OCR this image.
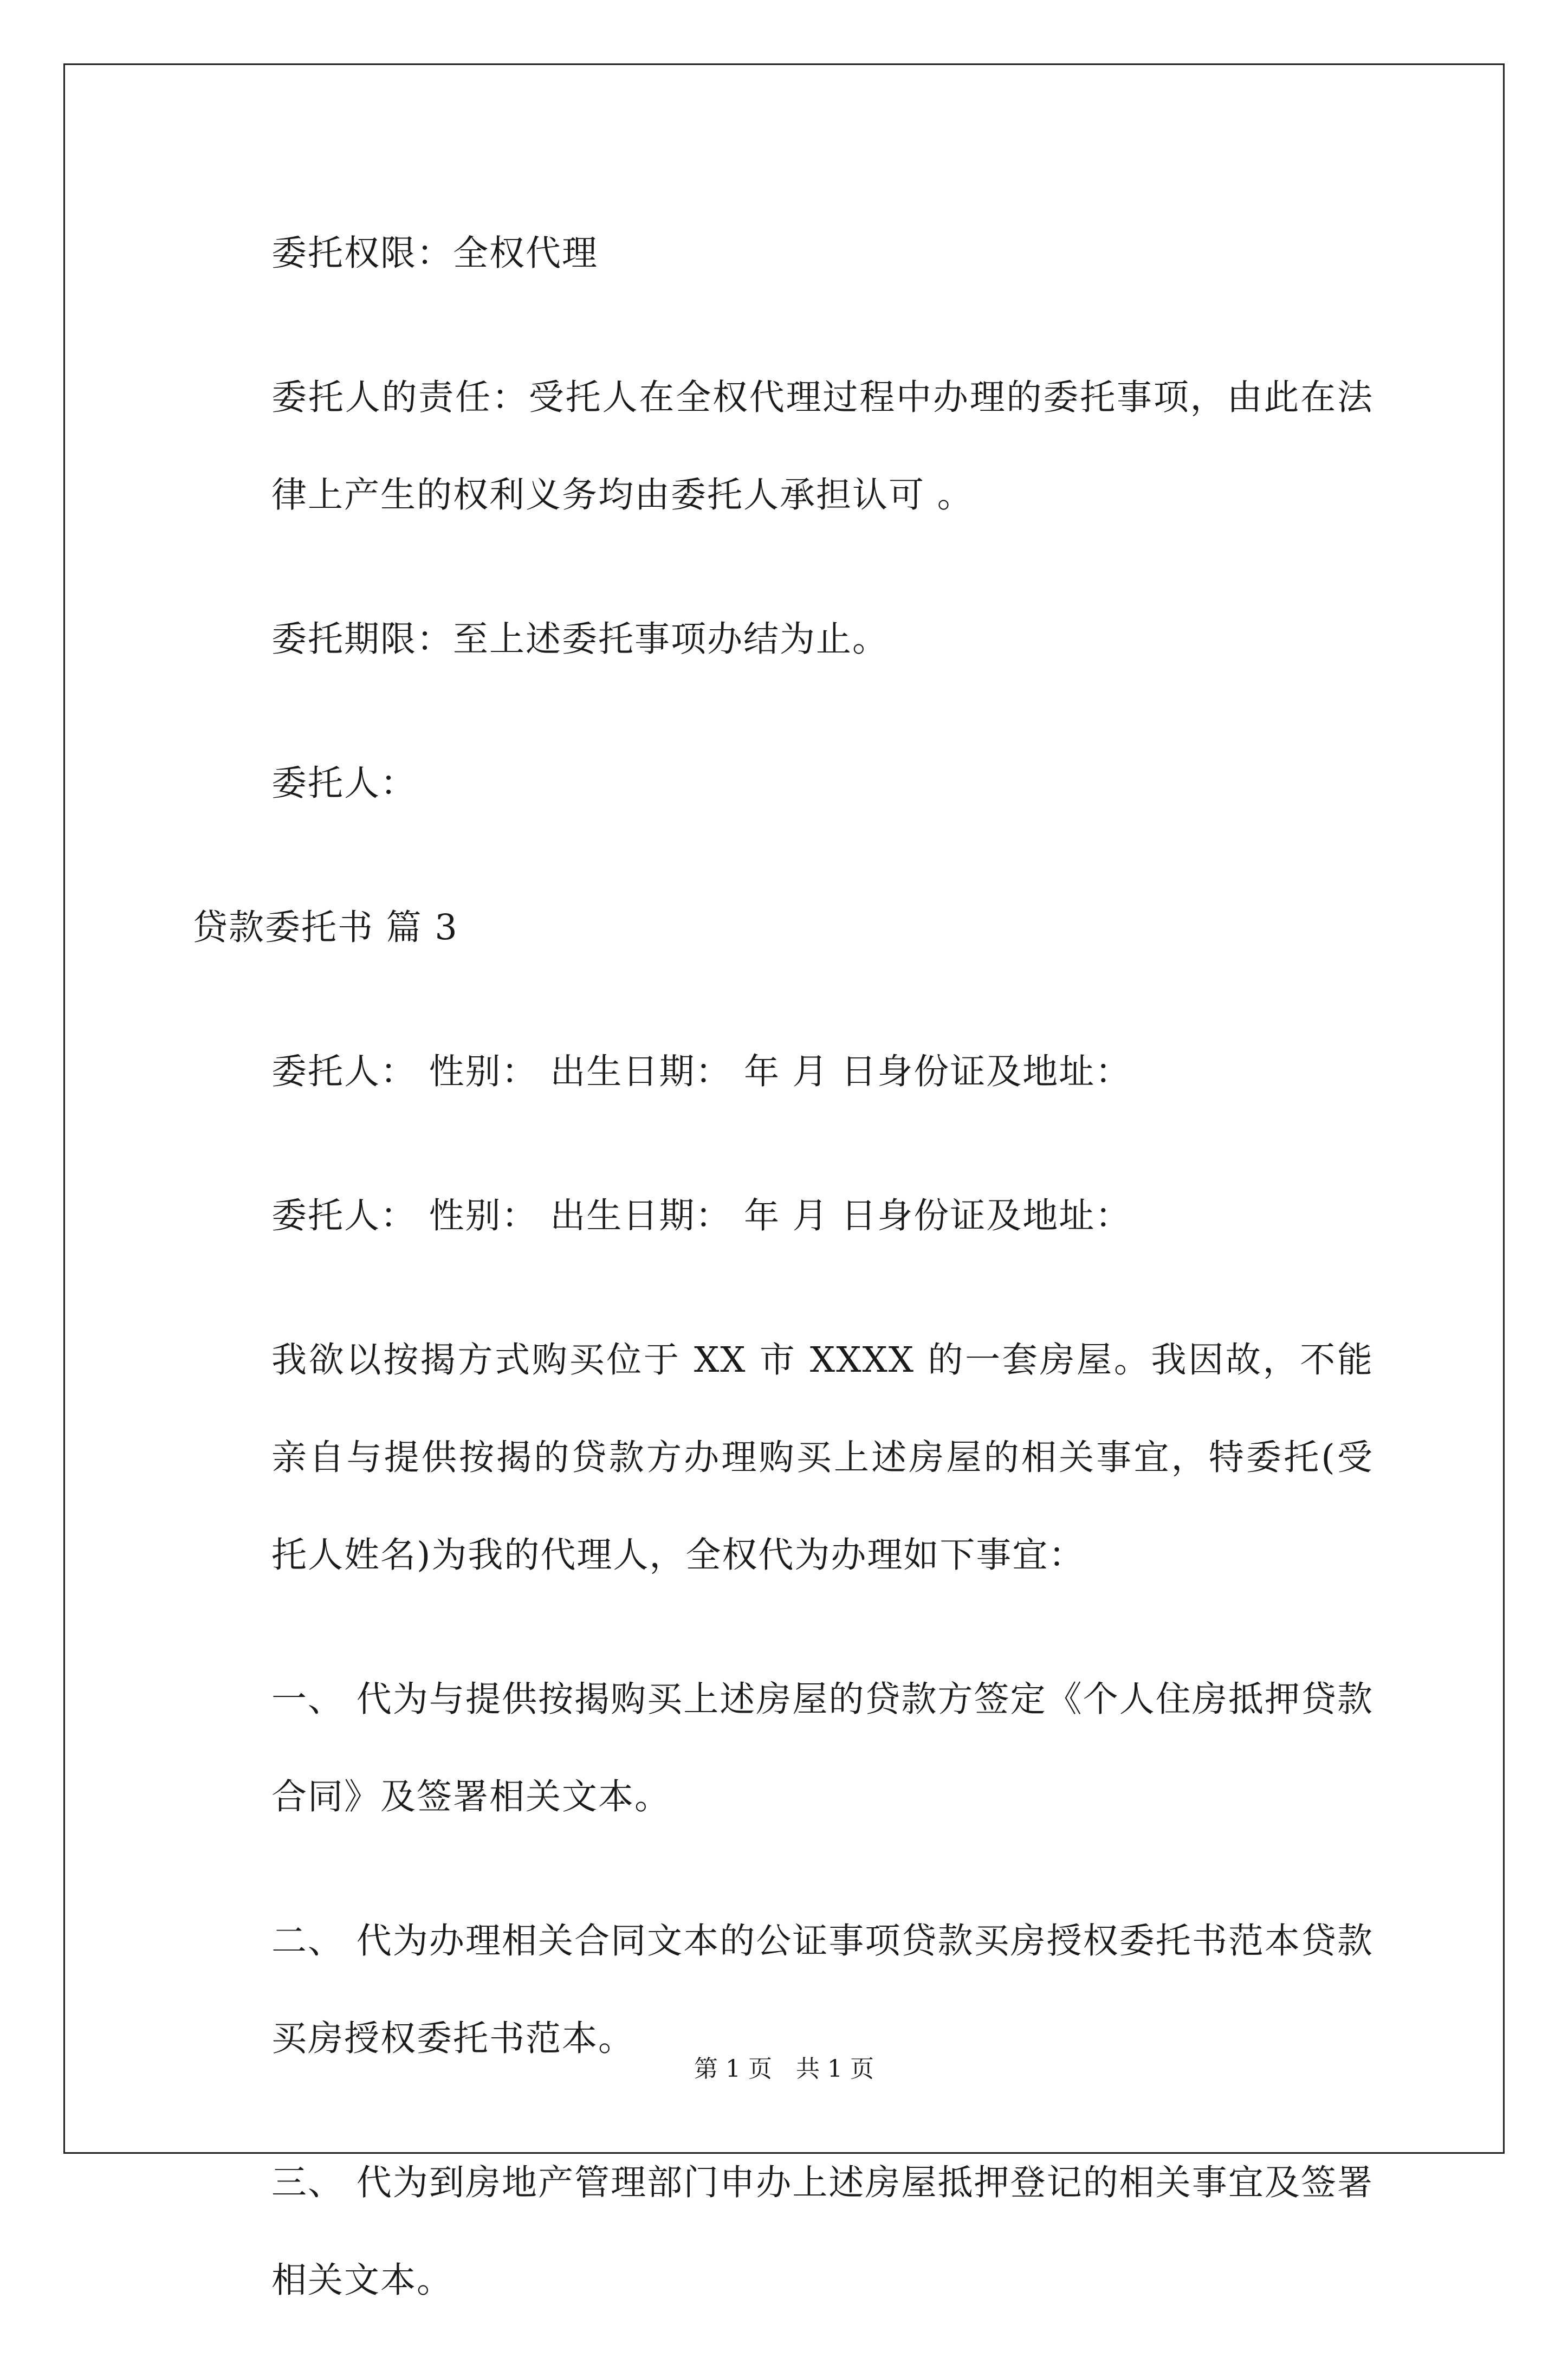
委托权限：全权代理

委托人的责任：受托人在全权代理过程中办理的委托事项，由此在法律上产生的权利义务均由委托人承担认可 。

委托期限：至上述委托事项办结为止。

委托人：

贷款委托书 篇 3

委托人： 性别： 出生日期： 年 月 日身份证及地址：

委托人： 性别： 出生日期： 年 月 日身份证及地址：

我欲以按揭方式购买位于 XX 市 XXXX 的一套房屋。我因故，不能亲自与提供按揭的贷款方办理购买上述房屋的相关事宜，特委托(受托人姓名)为我的代理人，全权代为办理如下事宜：

一、 代为与提供按揭购买上述房屋的贷款方签定《个人住房抵押贷款合同》及签署相关文本。

二、 代为办理相关合同文本的公证事项贷款买房授权委托书范本贷款买房授权委托书范本。

三、 代为到房地产管理部门申办上述房屋抵押登记的相关事宜及签署相关文本。

第 1 页　共 1 页
